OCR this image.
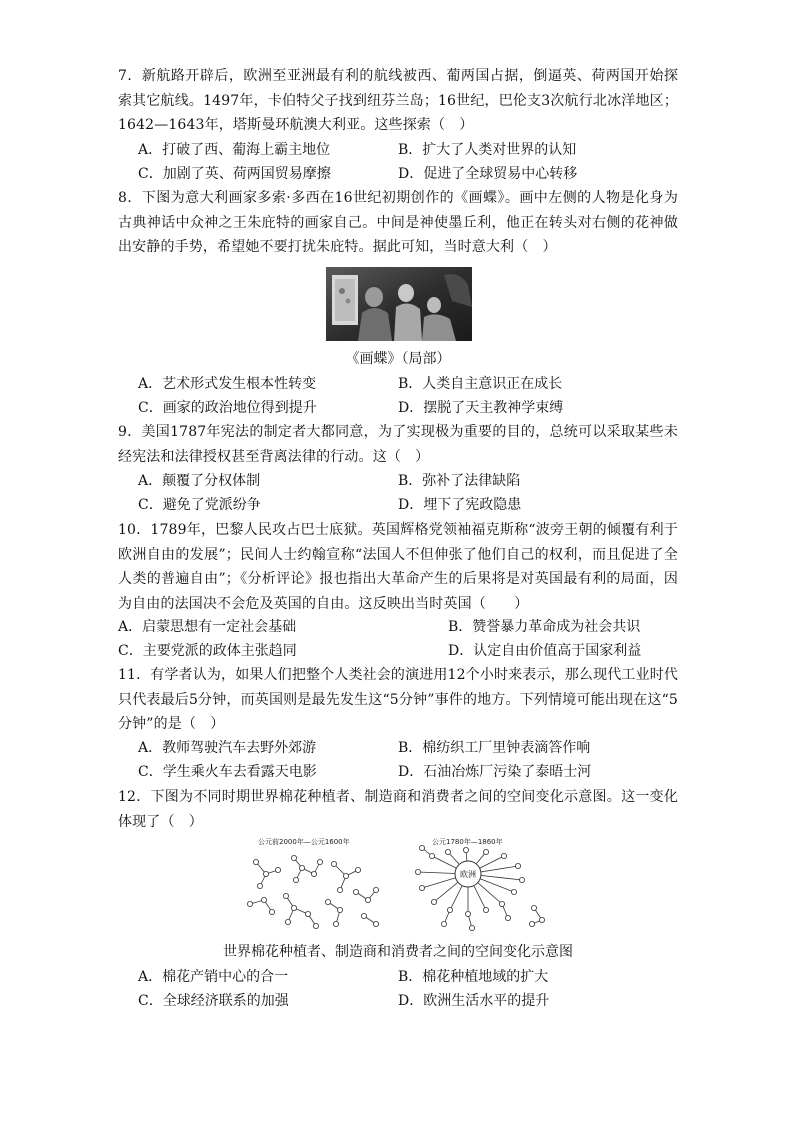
7．新航路开辟后，欧洲至亚洲最有利的航线被西、葡两国占据，倒逼英、荷两国开始探索其它航线。1497年，卡伯特父子找到纽芬兰岛；16世纪，巴伦支3次航行北冰洋地区；1642—1643年，塔斯曼环航澳大利亚。这些探索（　）
A．打破了西、葡海上霸主地位	B．扩大了人类对世界的认知
C．加剧了英、荷两国贸易摩擦	D．促进了全球贸易中心转移
8．下图为意大利画家多索·多西在16世纪初期创作的《画蝶》。画中左侧的人物是化身为古典神话中众神之王朱庇特的画家自己。中间是神使墨丘利，他正在转头对右侧的花神做出安静的手势，希望她不要打扰朱庇特。据此可知，当时意大利（　）
《画蝶》（局部）
A．艺术形式发生根本性转变	B．人类自主意识正在成长
C．画家的政治地位得到提升	D．摆脱了天主教神学束缚
9．美国1787年宪法的制定者大都同意，为了实现极为重要的目的，总统可以采取某些未经宪法和法律授权甚至背离法律的行动。这（　）
A．颠覆了分权体制	B．弥补了法律缺陷
C．避免了党派纷争	D．埋下了宪政隐患
10．1789年，巴黎人民攻占巴士底狱。英国辉格党领袖福克斯称“波旁王朝的倾覆有利于欧洲自由的发展”；民间人士约翰宣称“法国人不但伸张了他们自己的权利，而且促进了全人类的普遍自由”；《分析评论》报也指出大革命产生的后果将是对英国最有利的局面，因为自由的法国决不会危及英国的自由。这反映出当时英国（　　）
A．启蒙思想有一定社会基础	B．赞誉暴力革命成为社会共识
C．主要党派的政体主张趋同	D．认定自由价值高于国家利益
11．有学者认为，如果人们把整个人类社会的演进用12个小时来表示，那么现代工业时代只代表最后5分钟，而英国则是最先发生这“5分钟”事件的地方。下列情境可能出现在这“5分钟”的是（　）
A．教师驾驶汽车去野外郊游	B．棉纺织工厂里钟表滴答作响
C．学生乘火车去看露天电影	D．石油冶炼厂污染了泰晤士河
12．下图为不同时期世界棉花种植者、制造商和消费者之间的空间变化示意图。这一变化体现了（　）
公元前2000年—公元1600年	公元1780年—1860年
欧洲
世界棉花种植者、制造商和消费者之间的空间变化示意图
A．棉花产销中心的合一	B．棉花种植地域的扩大
C．全球经济联系的加强	D．欧洲生活水平的提升
